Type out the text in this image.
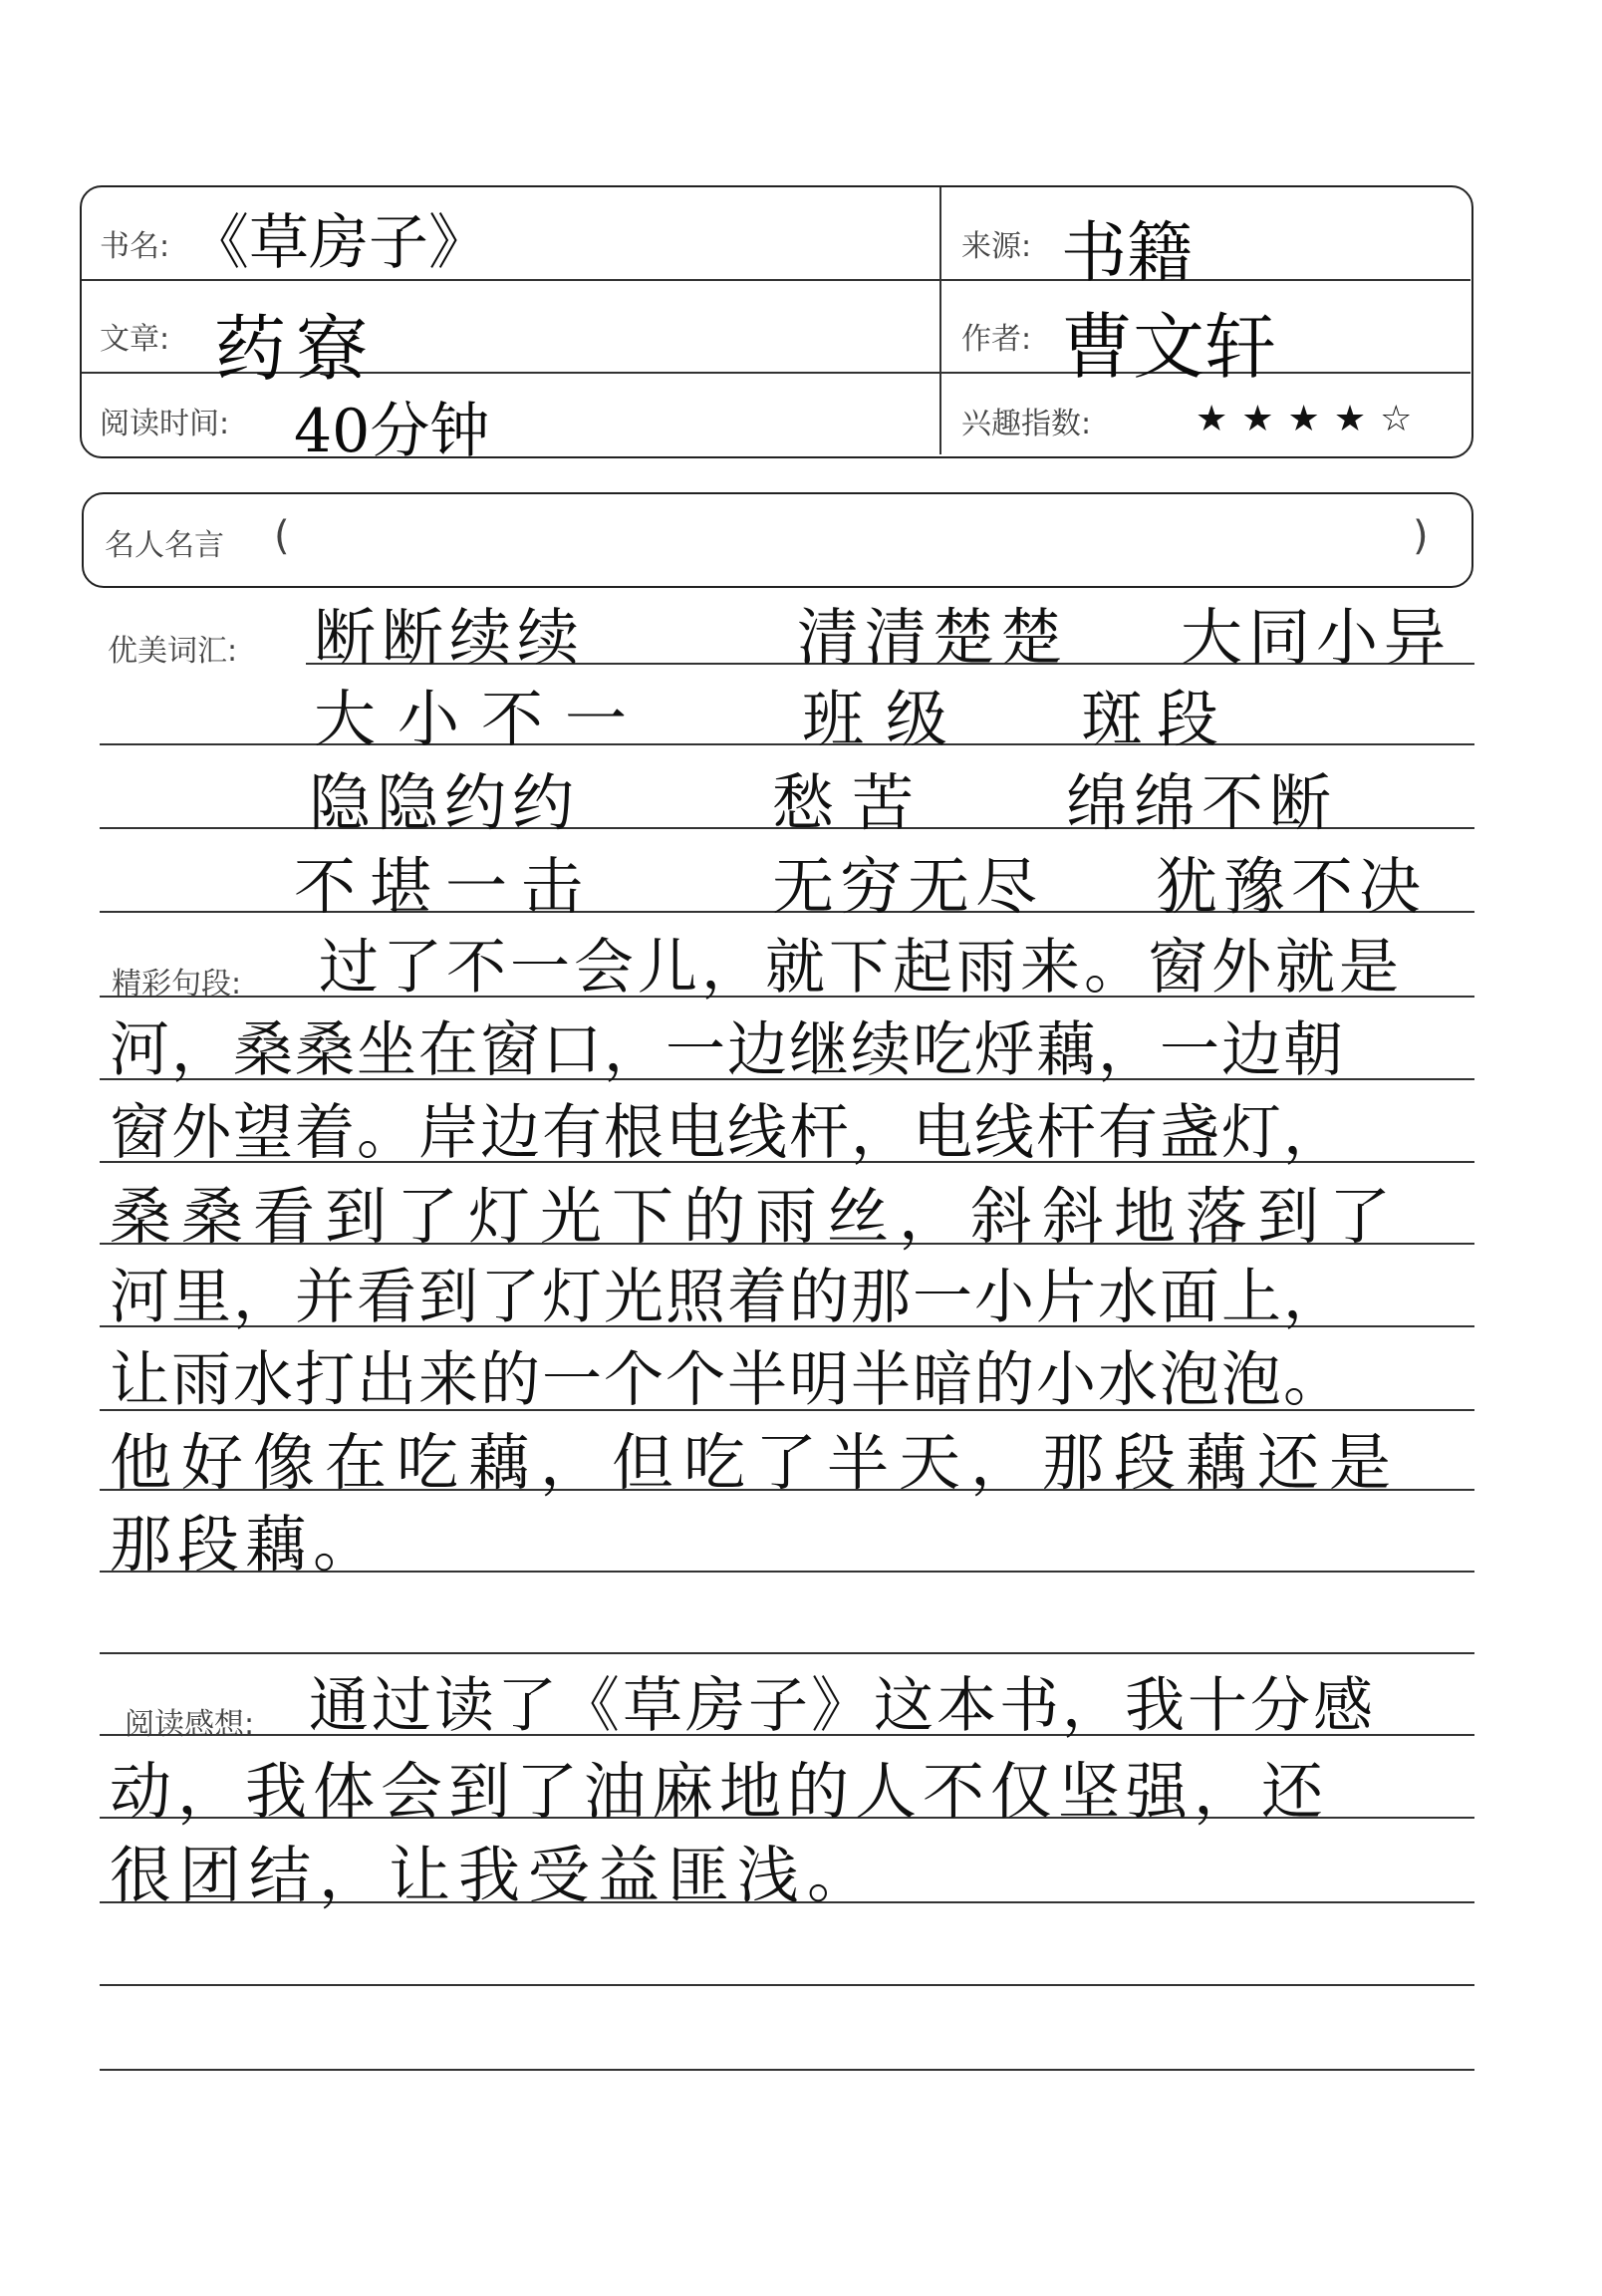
书名: 《草房子》	来源: 书籍
文章: 药寮	作者: 曹文轩
阅读时间: 40分钟	兴趣指数:	★★★★☆
名人名言 (	)
优美词汇: 断断续续	清清楚楚 大同小异
大小不一 班级 斑段
隐隐约约	愁苦 绵绵不断
不堪一击	无穷无尽 犹豫不决
精彩句段: 过了不一会儿，就下起雨来。窗外就是
河，桑桑坐在窗口，一边继续吃烀藕，一边朝
窗外望着。岸边有根电线杆，电线杆有盏灯，
桑桑看到了灯光下的雨丝，斜斜地落到了
河里，并看到了灯光照着的那一小片水面上，
让雨水打出来的一个个半明半暗的小水泡泡。
他好像在吃藕，但吃了半天，那段藕还是
那段藕。
阅读感想: 通过读了《草房子》这本书，我十分感
动，我体会到了油麻地的人不仅坚强，还
很团结，让我受益匪浅。
